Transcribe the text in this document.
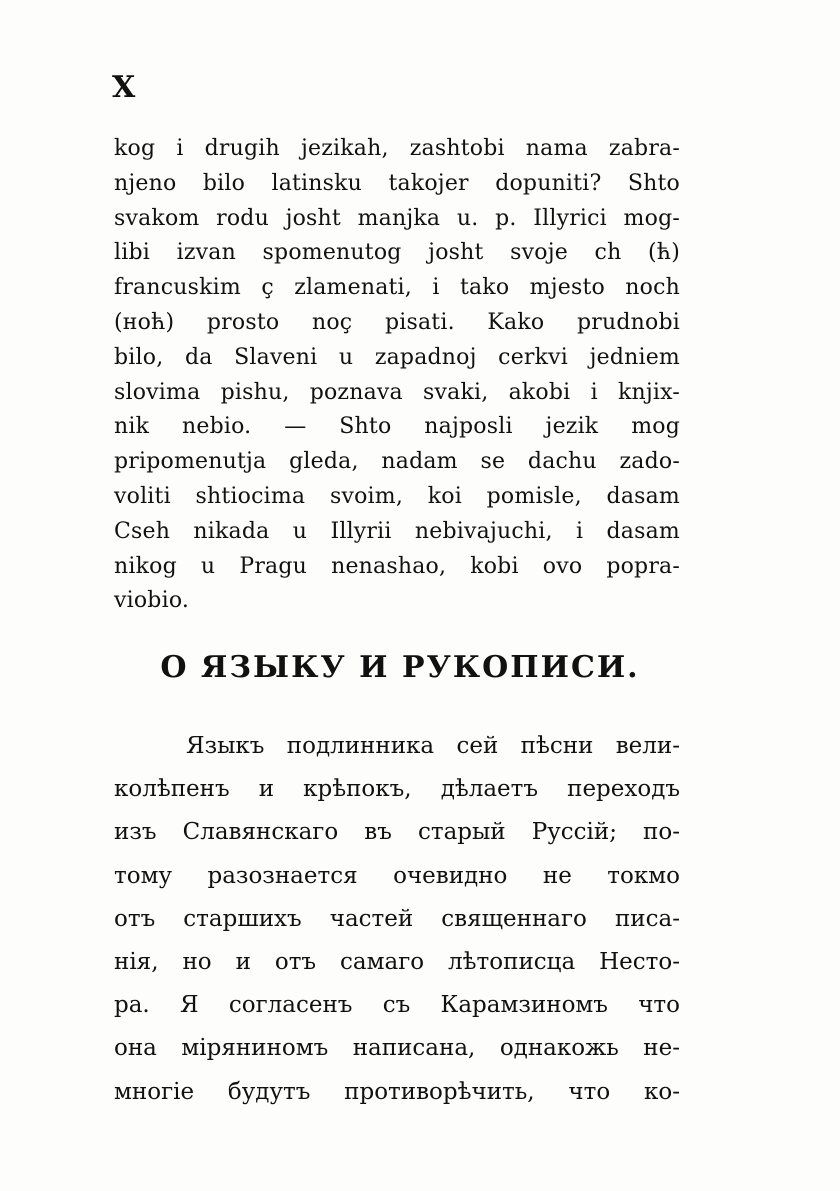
X
kog i drugih jezikah, zashtobi nama zabra-
njeno bilo latinsku takojer dopuniti? Shto
svakom rodu josht manjka u. p. Illyrici mog-
libi izvan spomenutog josht svoje ch (ћ)
francuskim ç zlamenati, i tako mjesto noch
(ноћ) prosto noç pisati. Kako prudnobi
bilo, da Slaveni u zapadnoj cerkvi jedniem
slovima pishu, poznava svaki, akobi i knjix-
nik nebio. — Shto najposli jezik mog
pripomenutja gleda, nadam se dachu zado-
voliti shtiocima svoim, koi pomisle, dasam
Cseh nikada u Illyrii nebivajuchi, i dasam
nikog u Pragu nenashao, kobi ovo popra-
viobio.
О ЯЗЫКУ И РУКОПИСИ.
Языкъ подлинника сей пѣсни вели-
колѣпенъ и крѣпокъ, дѣлаетъ переходъ
изъ Славянскаго въ старый Руссій; по-
тому разознается очевидно не токмо
отъ старшихъ частей священнаго писа-
нія, но и отъ самаго лѣтописца Несто-
ра. Я согласенъ съ Карамзиномъ что
она міряниномъ написана, однакожь не-
многіе будутъ противорѣчить, что ко-
